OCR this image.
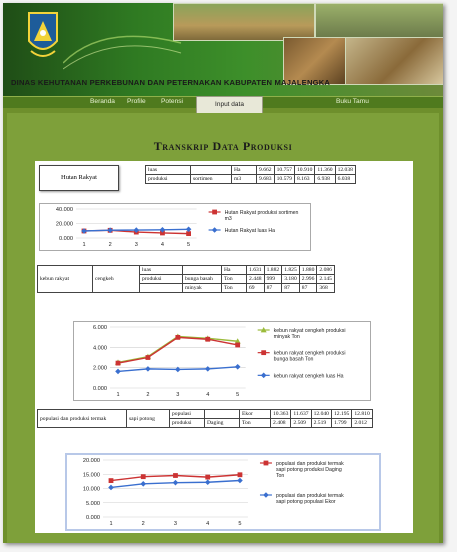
DINAS KEHUTANAN PERKEBUNAN DAN PETERNAKAN KABUPATEN MAJALENGKA
Beranda Profile Potensi	Buku Tamu
Input data
Transkrip Data Produksi
Hutan Rakyat
luas		Ha	9.662	10.757	10.910	11.360	12.038
produksi	sortimen	m3	9.683	10.579	8.163	6.938	6.038
0.000
20.000
40.000
1	2	3	4	5
Hutan Rakyat produksi sortimen m3
Hutan Rakyat luas Ha
kebun rakyat	cengkeh	luas		Ha	1.631	1.882	1.825	1.880	2.086
		produksi	bunga basah	Ton	2.448	999	3.180	2.996	2.145
			minyak	Ton	69	87	87	87	368
0.000
2.000
4.000
6.000
1	2	3	4	5
kebun rakyat cengkeh produksi minyak Ton
kebun rakyat cengkeh produksi bunga basah Ton
kebun rakyat cengkeh luas Ha
populasi dan produksi termak	sapi potong	populasi		Ekor	10.363	11.637	12.040	12.195	12.810
		produksi	Daging	Ton	2.408	2.509	2.519	1.799	2.012
0.000
5.000
10.000
15.000
20.000
1	2	3	4	5
populasi dan produksi termak sapi potong produksi Daging Ton
populasi dan produksi termak sapi potong populasi Ekor
